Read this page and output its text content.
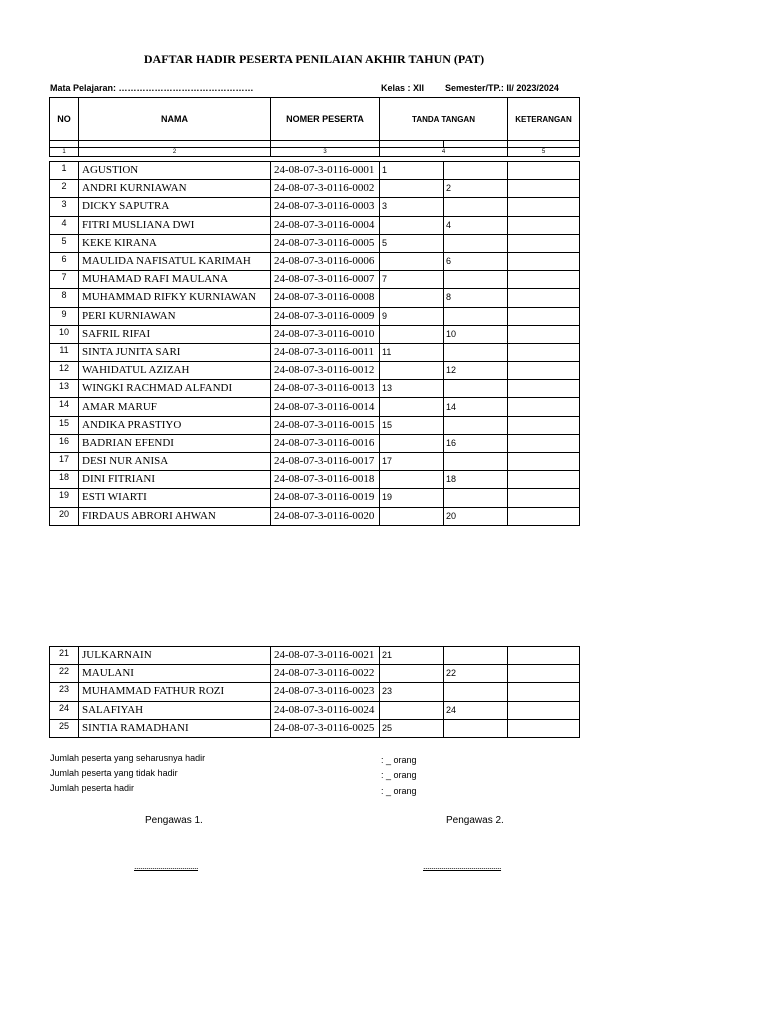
DAFTAR HADIR PESERTA PENILAIAN AKHIR TAHUN (PAT)
Mata Pelajaran: ………………………………………	Kelas : XII Semester/TP.: II/ 2023/2024
NO	NAMA	NOMER PESERTA	TANDA TANGAN		KETERANGAN

1	2	3	4		5
1	AGUSTION	24-08-07-3-0116-0001	1		
2	ANDRI KURNIAWAN	24-08-07-3-0116-0002		2	
3	DICKY SAPUTRA	24-08-07-3-0116-0003	3		
4	FITRI MUSLIANA DWI	24-08-07-3-0116-0004		4	
5	KEKE KIRANA	24-08-07-3-0116-0005	5		
6	MAULIDA NAFISATUL KARIMAH	24-08-07-3-0116-0006		6	
7	MUHAMAD RAFI MAULANA	24-08-07-3-0116-0007	7		
8	MUHAMMAD RIFKY KURNIAWAN	24-08-07-3-0116-0008		8	
9	PERI KURNIAWAN	24-08-07-3-0116-0009	9		
10	SAFRIL RIFAI	24-08-07-3-0116-0010		10	
11	SINTA JUNITA SARI	24-08-07-3-0116-0011	11		
12	WAHIDATUL AZIZAH	24-08-07-3-0116-0012		12	
13	WINGKI RACHMAD ALFANDI	24-08-07-3-0116-0013	13		
14	AMAR MARUF	24-08-07-3-0116-0014		14	
15	ANDIKA PRASTIYO	24-08-07-3-0116-0015	15		
16	BADRIAN EFENDI	24-08-07-3-0116-0016		16	
17	DESI NUR ANISA	24-08-07-3-0116-0017	17		
18	DINI FITRIANI	24-08-07-3-0116-0018		18	
19	ESTI WIARTI	24-08-07-3-0116-0019	19		
20	FIRDAUS ABRORI AHWAN	24-08-07-3-0116-0020		20	
21	JULKARNAIN	24-08-07-3-0116-0021	21		
22	MAULANI	24-08-07-3-0116-0022		22	
23	MUHAMMAD FATHUR ROZI	24-08-07-3-0116-0023	23		
24	SALAFIYAH	24-08-07-3-0116-0024		24	
25	SINTIA RAMADHANI	24-08-07-3-0116-0025	25		
Jumlah peserta yang seharusnya hadir
Jumlah peserta yang tidak hadir
Jumlah peserta hadir
: _ orang
: _ orang
: _ orang
Pengawas 1.	Pengawas 2.
................................	.......................................
